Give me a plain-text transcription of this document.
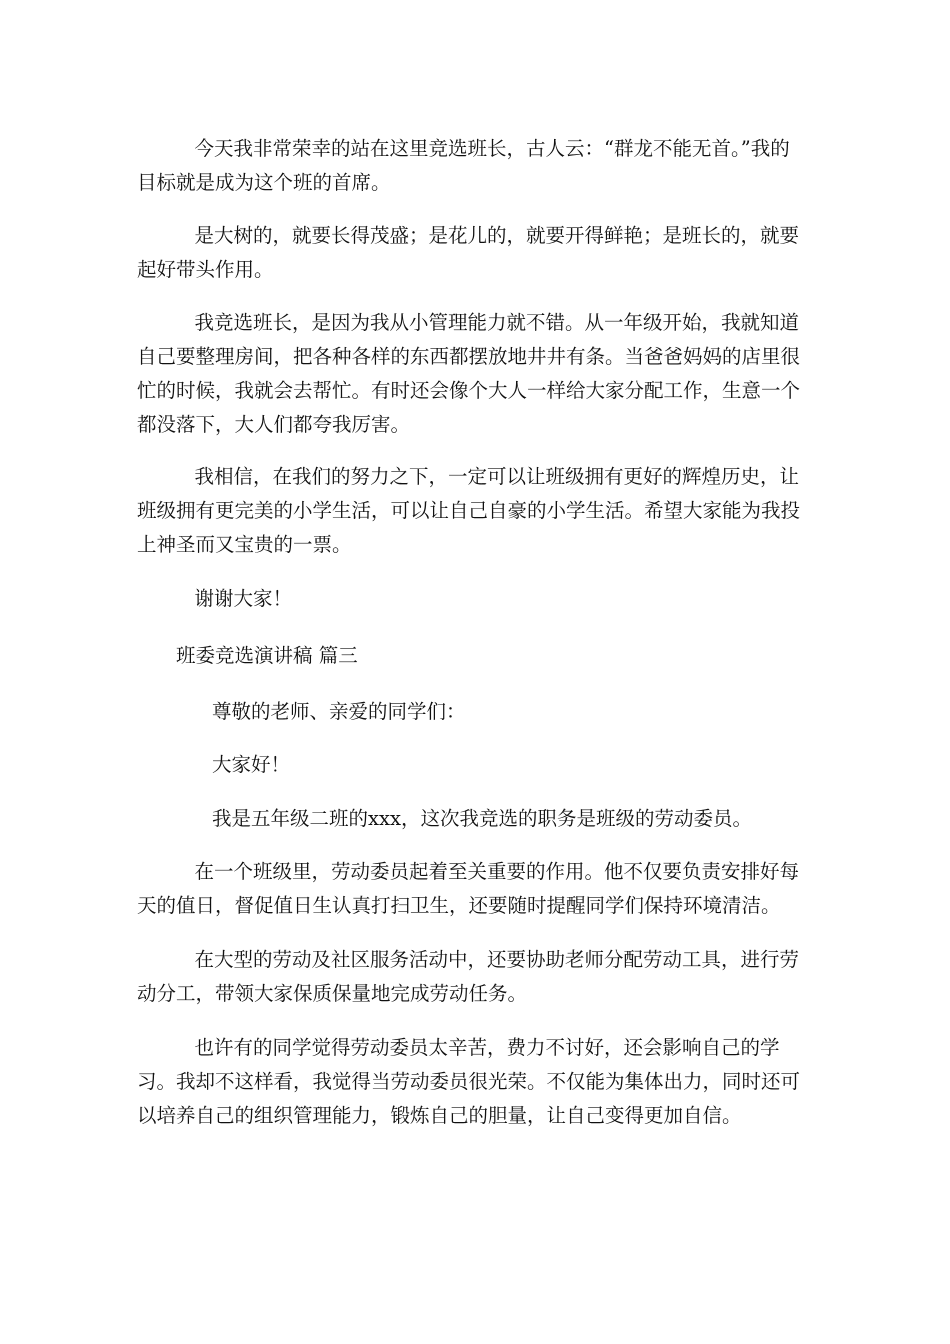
今天我非常荣幸的站在这里竞选班长，古人云：“群龙不能无首。”我的目标就是成为这个班的首席。

是大树的，就要长得茂盛；是花儿的，就要开得鲜艳；是班长的，就要起好带头作用。

我竞选班长，是因为我从小管理能力就不错。从一年级开始，我就知道自己要整理房间，把各种各样的东西都摆放地井井有条。当爸爸妈妈的店里很忙的时候，我就会去帮忙。有时还会像个大人一样给大家分配工作，生意一个都没落下，大人们都夸我厉害。

我相信，在我们的努力之下，一定可以让班级拥有更好的辉煌历史，让班级拥有更完美的小学生活，可以让自己自豪的小学生活。希望大家能为我投上神圣而又宝贵的一票。

谢谢大家！

班委竞选演讲稿 篇三

尊敬的老师、亲爱的同学们：

大家好！

我是五年级二班的xxx，这次我竞选的职务是班级的劳动委员。

在一个班级里，劳动委员起着至关重要的作用。他不仅要负责安排好每天的值日，督促值日生认真打扫卫生，还要随时提醒同学们保持环境清洁。

在大型的劳动及社区服务活动中，还要协助老师分配劳动工具，进行劳动分工，带领大家保质保量地完成劳动任务。

也许有的同学觉得劳动委员太辛苦，费力不讨好，还会影响自己的学习。我却不这样看，我觉得当劳动委员很光荣。不仅能为集体出力，同时还可以培养自己的组织管理能力，锻炼自己的胆量，让自己变得更加自信。
